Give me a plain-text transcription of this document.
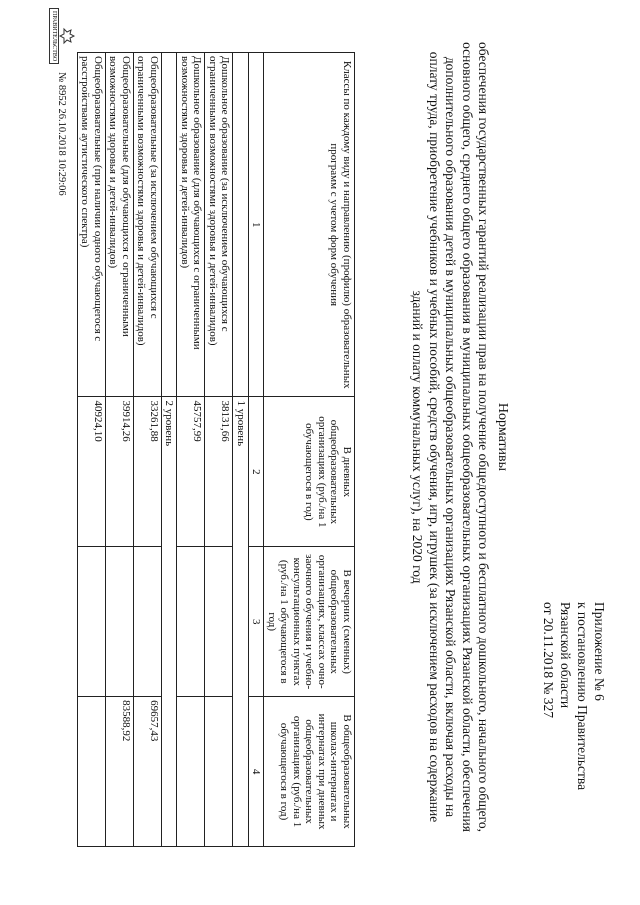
Приложение № 6
к постановлению Правительства
Рязанской области
от 20.11.2018 № 327
Нормативы
обеспечения государственных гарантий реализации прав на получение общедоступного и бесплатного дошкольного, начального общего, основного общего, среднего общего образования в муниципальных общеобразовательных организациях Рязанской области, обеспечения дополнительного образования детей в муниципальных общеобразовательных организациях Рязанской области, включая расходы на оплату труда, приобретение учебников и учебных пособий, средств обучения, игр, игрушек (за исключением расходов на содержание зданий и оплату коммунальных услуг), на 2020 год
Классы по каждому виду и направлению (профилю) образовательных программ с учетом форм обучения	В дневных общеобразовательных организациях (руб./на 1 обучающегося в год)	В вечерних (сменных) общеобразовательных организациях, классах очно-заочного обучения и учебно-консультационных пунктах (руб./на 1 обучающегося в год)	В общеобразовательных школах-интернатах и интернатах при дневных общеобразовательных организациях (руб./на 1 обучающегося в год)
1	2	3	4
	1 уровень		
Дошкольное образование (за исключением обучающихся с ограниченными возможностями здоровья и детей-инвалидов)	38131,66		
Дошкольное образование (для обучающихся с ограниченными возможностями здоровья и детей-инвалидов)	45757,99		
	2 уровень		
Общеобразовательные (за исключением обучающихся с ограниченными возможностями здоровья и детей-инвалидов)	33261,88		69657,43
Общеобразовательные (для обучающихся с ограниченными возможностями здоровья и детей-инвалидов)	39914,26		83588,92
Общеобразовательные (при наличии одного обучающегося с расстройствами аутистического спектра)	40924,10		
ПРАВИТЕЛЬСТВО
№ 8952 26.10.2018 10:29:06
